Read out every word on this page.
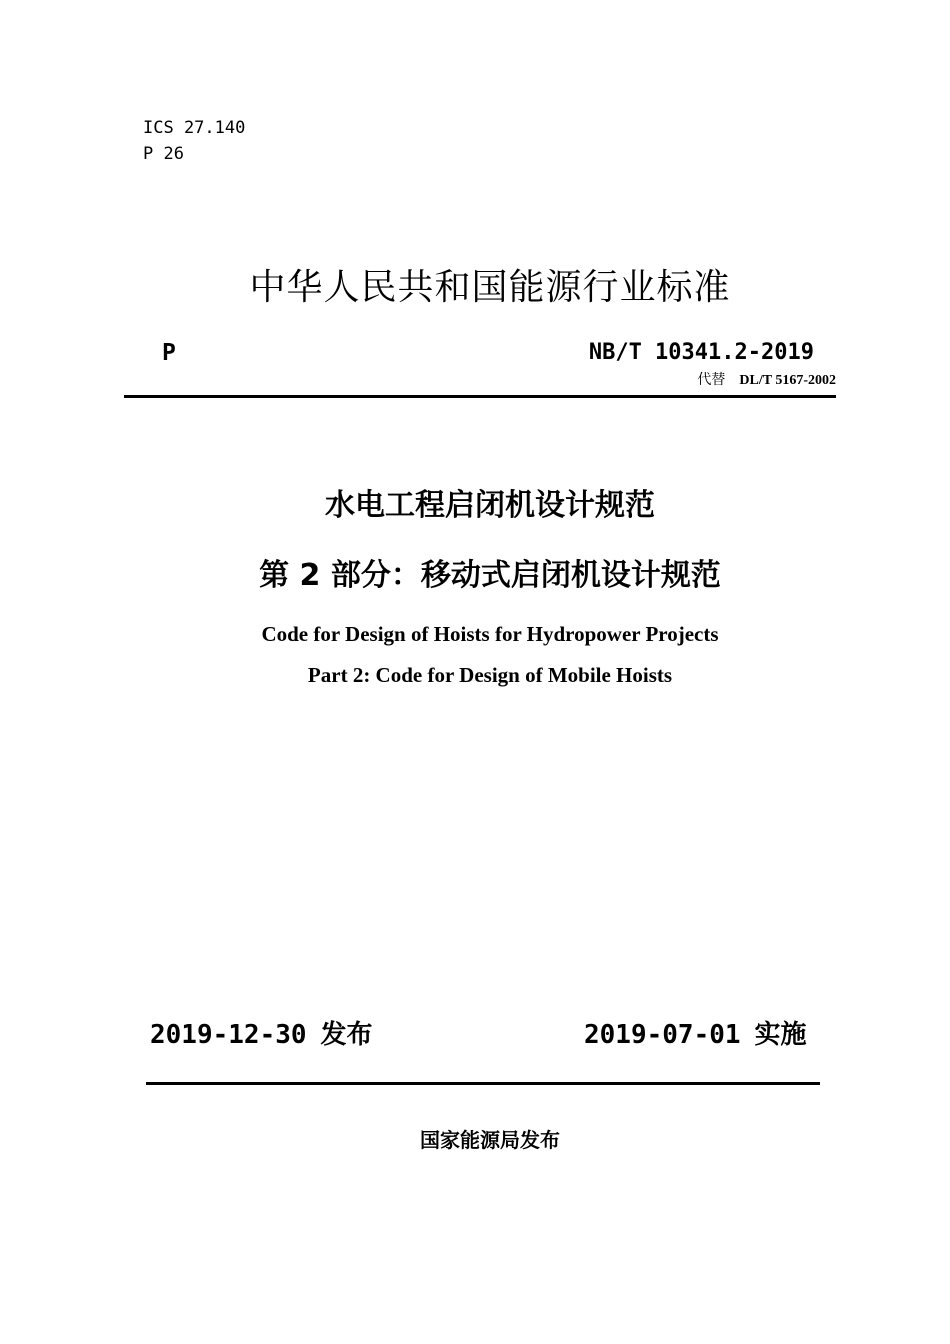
ICS 27.140
P 26
中华人民共和国能源行业标准
P	NB/T 10341.2-2019
代替 DL/T 5167-2002
水电工程启闭机设计规范
第 2 部分：移动式启闭机设计规范
Code for Design of Hoists for Hydropower Projects
Part 2: Code for Design of Mobile Hoists
2019-12-30 发布	2019-07-01 实施
国家能源局发布
